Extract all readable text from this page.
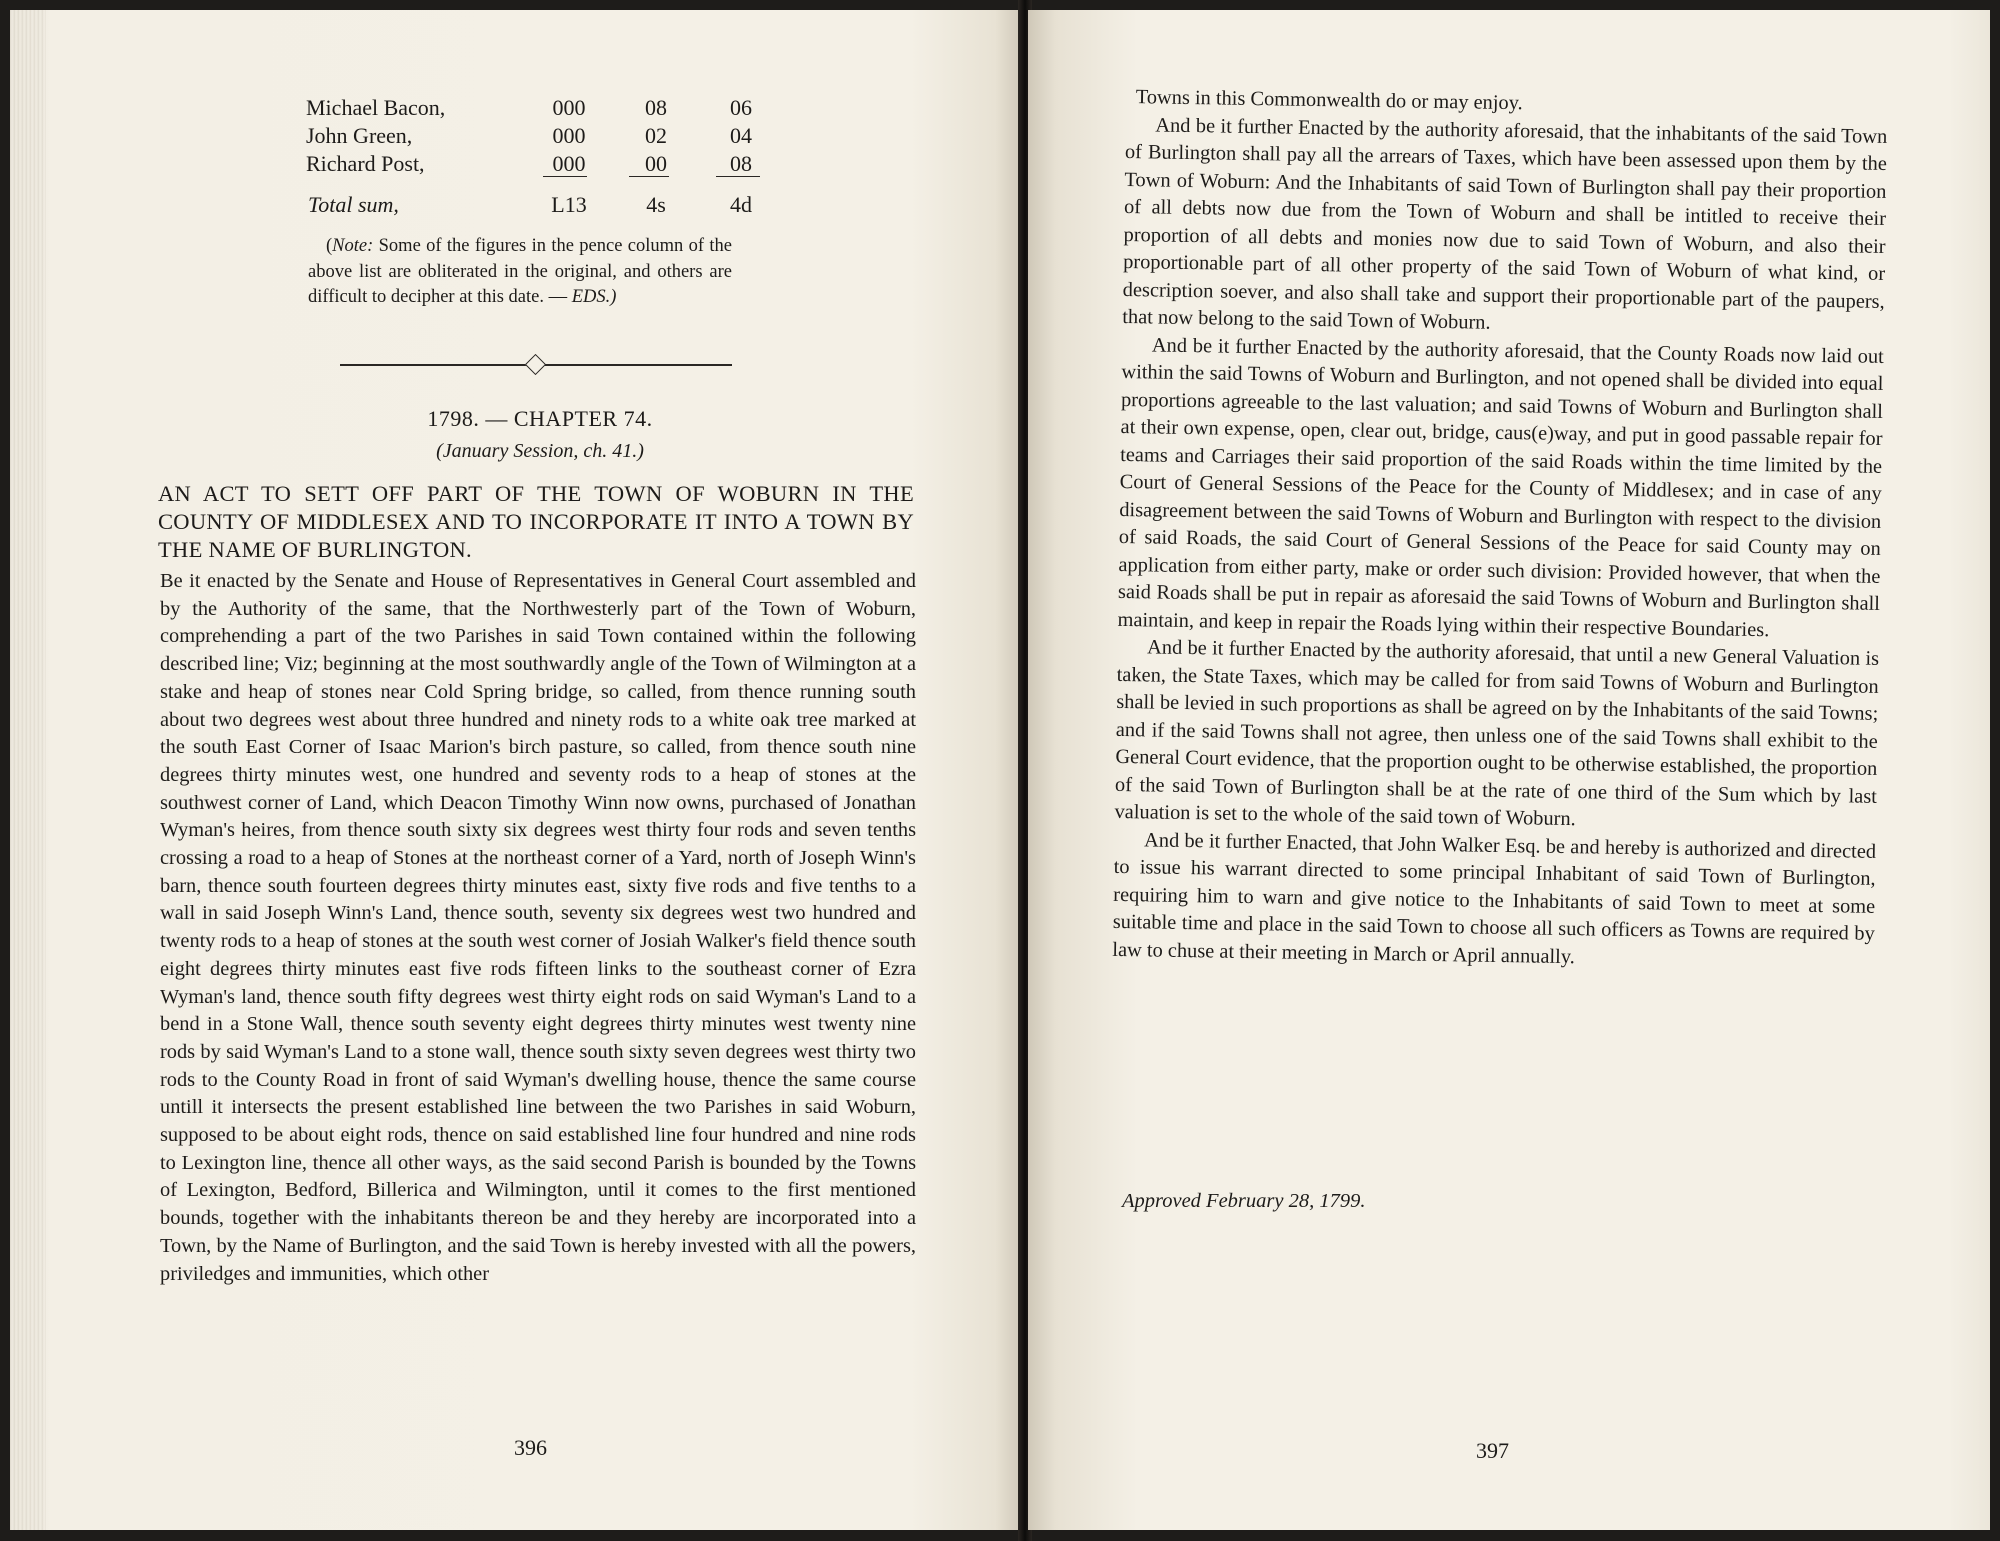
Michael Bacon,	000	08	06
John Green,	000	02	04
Richard Post,	000	00	08
Total sum,	L13	4s	4d
(Note: Some of the figures in the pence column of the above list are obliterated in the original, and others are difficult to decipher at this date. — EDS.)
1798. — CHAPTER 74.
(January Session, ch. 41.)
AN ACT TO SETT OFF PART OF THE TOWN OF WOBURN IN THE COUNTY OF MIDDLESEX AND TO INCORPORATE IT INTO A TOWN BY THE NAME OF BURLINGTON.
Be it enacted by the Senate and House of Representatives in General Court assembled and by the Authority of the same, that the Northwesterly part of the Town of Woburn, comprehending a part of the two Parishes in said Town contained within the following described line; Viz; beginning at the most southwardly angle of the Town of Wilmington at a stake and heap of stones near Cold Spring bridge, so called, from thence running south about two degrees west about three hundred and ninety rods to a white oak tree marked at the south East Corner of Isaac Marion's birch pasture, so called, from thence south nine degrees thirty minutes west, one hundred and seventy rods to a heap of stones at the southwest corner of Land, which Deacon Timothy Winn now owns, purchased of Jonathan Wyman's heires, from thence south sixty six degrees west thirty four rods and seven tenths crossing a road to a heap of Stones at the northeast corner of a Yard, north of Joseph Winn's barn, thence south fourteen degrees thirty minutes east, sixty five rods and five tenths to a wall in said Joseph Winn's Land, thence south, seventy six degrees west two hundred and twenty rods to a heap of stones at the south west corner of Josiah Walker's field thence south eight degrees thirty minutes east five rods fifteen links to the southeast corner of Ezra Wyman's land, thence south fifty degrees west thirty eight rods on said Wyman's Land to a bend in a Stone Wall, thence south seventy eight degrees thirty minutes west twenty nine rods by said Wyman's Land to a stone wall, thence south sixty seven degrees west thirty two rods to the County Road in front of said Wyman's dwelling house, thence the same course untill it intersects the present established line between the two Parishes in said Woburn, supposed to be about eight rods, thence on said established line four hundred and nine rods to Lexington line, thence all other ways, as the said second Parish is bounded by the Towns of Lexington, Bedford, Billerica and Wilmington, until it comes to the first mentioned bounds, together with the inhabitants thereon be and they hereby are incorporated into a Town, by the Name of Burlington, and the said Town is hereby invested with all the powers, priviledges and immunities, which other
396	397

Towns in this Commonwealth do or may enjoy.

And be it further Enacted by the authority aforesaid, that the inhabitants of the said Town of Burlington shall pay all the arrears of Taxes, which have been assessed upon them by the Town of Woburn: And the Inhabitants of said Town of Burlington shall pay their proportion of all debts now due from the Town of Woburn and shall be intitled to receive their proportion of all debts and monies now due to said Town of Woburn, and also their proportionable part of all other property of the said Town of Woburn of what kind, or description soever, and also shall take and support their proportionable part of the paupers, that now belong to the said Town of Woburn.

And be it further Enacted by the authority aforesaid, that the County Roads now laid out within the said Towns of Woburn and Burlington, and not opened shall be divided into equal proportions agreeable to the last valuation; and said Towns of Woburn and Burlington shall at their own expense, open, clear out, bridge, caus(e)way, and put in good passable repair for teams and Carriages their said proportion of the said Roads within the time limited by the Court of General Sessions of the Peace for the County of Middlesex; and in case of any disagreement between the said Towns of Woburn and Burlington with respect to the division of said Roads, the said Court of General Sessions of the Peace for said County may on application from either party, make or order such division: Provided however, that when the said Roads shall be put in repair as aforesaid the said Towns of Woburn and Burlington shall maintain, and keep in repair the Roads lying within their respective Boundaries.

And be it further Enacted by the authority aforesaid, that until a new General Valuation is taken, the State Taxes, which may be called for from said Towns of Woburn and Burlington shall be levied in such proportions as shall be agreed on by the Inhabitants of the said Towns; and if the said Towns shall not agree, then unless one of the said Towns shall exhibit to the General Court evidence, that the proportion ought to be otherwise established, the proportion of the said Town of Burlington shall be at the rate of one third of the Sum which by last valuation is set to the whole of the said town of Woburn.

And be it further Enacted, that John Walker Esq. be and hereby is authorized and directed to issue his warrant directed to some principal Inhabitant of said Town of Burlington, requiring him to warn and give notice to the Inhabitants of said Town to meet at some suitable time and place in the said Town to choose all such officers as Towns are required by law to chuse at their meeting in March or April annually.

Approved February 28, 1799.
